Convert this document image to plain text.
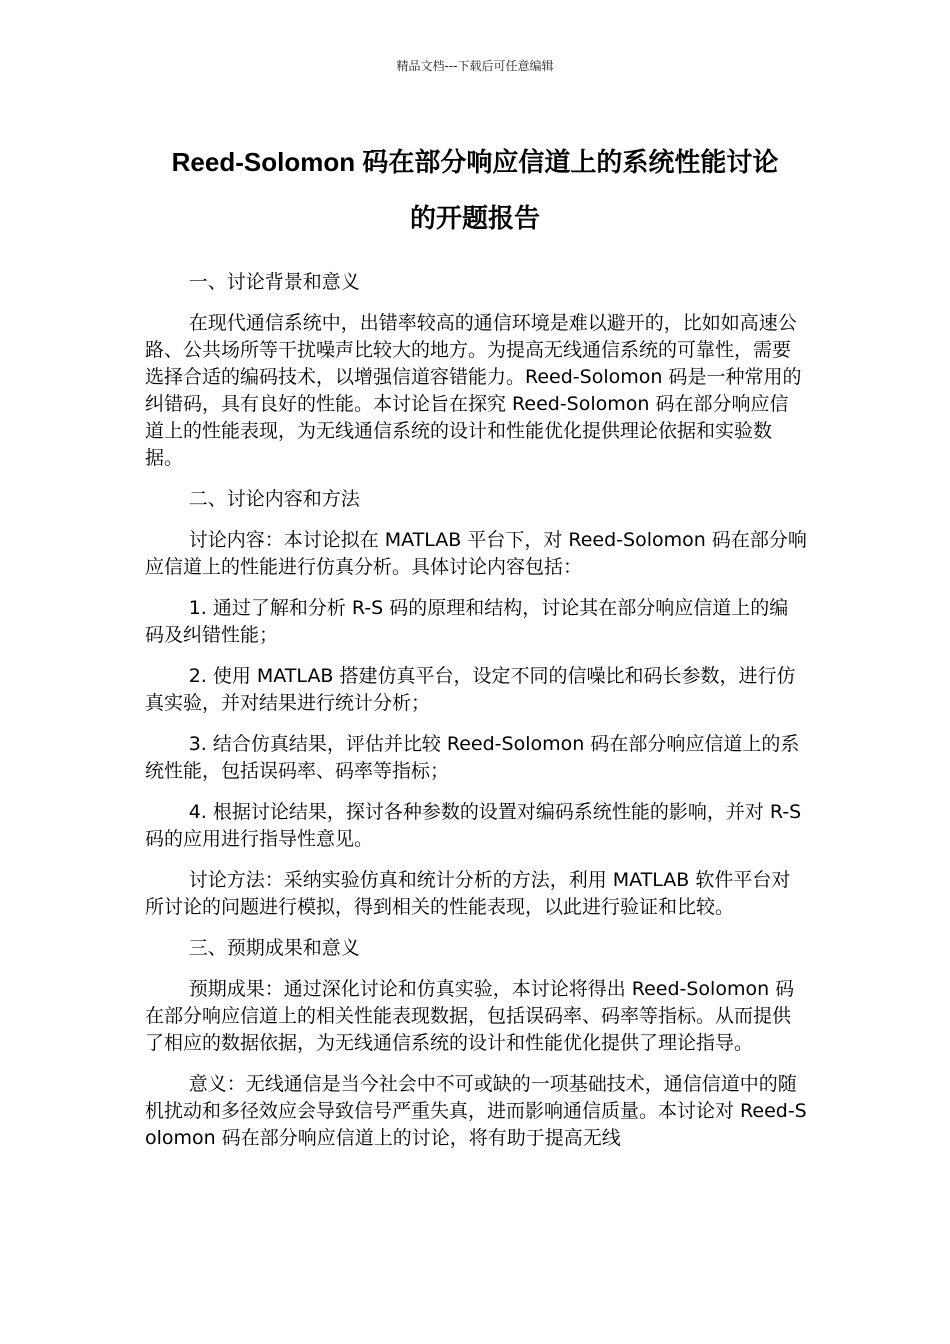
精品文档---下载后可任意编辑
Reed-Solomon 码在部分响应信道上的系统性能讨论
的开题报告

一、讨论背景和意义

在现代通信系统中，出错率较高的通信环境是难以避开的，比如如高速公路、公共场所等干扰噪声比较大的地方。为提高无线通信系统的可靠性，需要选择合适的编码技术，以增强信道容错能力。Reed-Solomon 码是一种常用的纠错码，具有良好的性能。本讨论旨在探究 Reed-Solomon 码在部分响应信道上的性能表现，为无线通信系统的设计和性能优化提供理论依据和实验数据。

二、讨论内容和方法

讨论内容：本讨论拟在 MATLAB 平台下，对 Reed-Solomon 码在部分响应信道上的性能进行仿真分析。具体讨论内容包括：

1. 通过了解和分析 R-S 码的原理和结构，讨论其在部分响应信道上的编码及纠错性能；

2. 使用 MATLAB 搭建仿真平台，设定不同的信噪比和码长参数，进行仿真实验，并对结果进行统计分析；

3. 结合仿真结果，评估并比较 Reed-Solomon 码在部分响应信道上的系统性能，包括误码率、码率等指标；

4. 根据讨论结果，探讨各种参数的设置对编码系统性能的影响，并对 R-S 码的应用进行指导性意见。

讨论方法：采纳实验仿真和统计分析的方法，利用 MATLAB 软件平台对所讨论的问题进行模拟，得到相关的性能表现，以此进行验证和比较。

三、预期成果和意义

预期成果：通过深化讨论和仿真实验，本讨论将得出 Reed-Solomon 码在部分响应信道上的相关性能表现数据，包括误码率、码率等指标。从而提供了相应的数据依据，为无线通信系统的设计和性能优化提供了理论指导。

意义：无线通信是当今社会中不可或缺的一项基础技术，通信信道中的随机扰动和多径效应会导致信号严重失真，进而影响通信质量。本讨论对 Reed-Solomon 码在部分响应信道上的讨论，将有助于提高无线
